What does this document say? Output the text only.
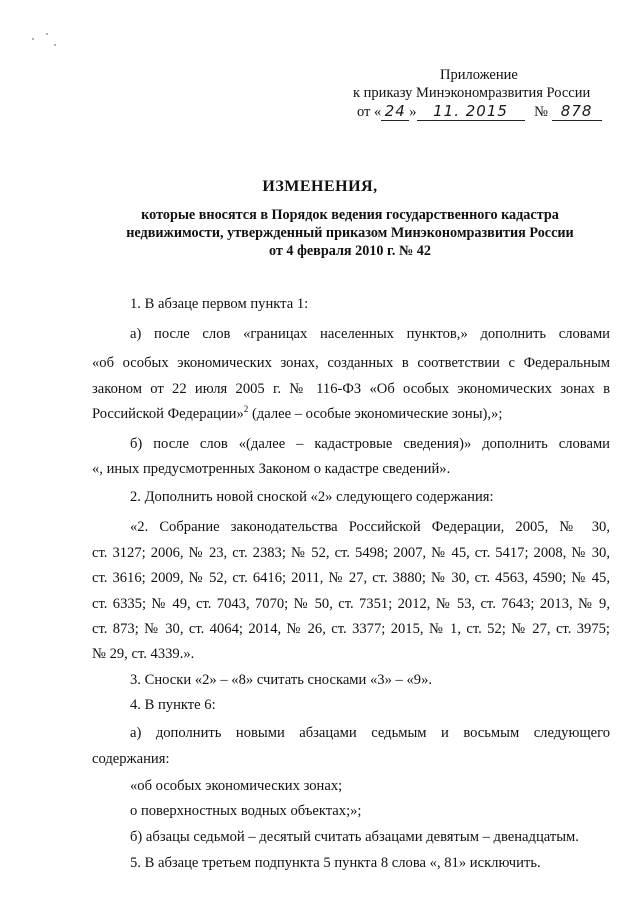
Приложение
к приказу Минэкономразвития России
от « 24 » 11. 2015 № 878
ИЗМЕНЕНИЯ,
которые вносятся в Порядок ведения государственного кадастра
недвижимости, утвержденный приказом Минэкономразвития России
от 4 февраля 2010 г. № 42
1. В абзаце первом пункта 1:
а) после слов «границах населенных пунктов,» дополнить словами
«об особых экономических зонах, созданных в соответствии с Федеральным
законом от 22 июля 2005 г. № 116-ФЗ «Об особых экономических зонах в
Российской Федерации»$^2$ (далее – особые экономические зоны),»;
б) после слов «(далее – кадастровые сведения)» дополнить словами
«, иных предусмотренных Законом о кадастре сведений».
2. Дополнить новой сноской «2» следующего содержания:
«2. Собрание законодательства Российской Федерации, 2005, № 30,
ст. 3127; 2006, № 23, ст. 2383; № 52, ст. 5498; 2007, № 45, ст. 5417; 2008, № 30,
ст. 3616; 2009, № 52, ст. 6416; 2011, № 27, ст. 3880; № 30, ст. 4563, 4590; № 45,
ст. 6335; № 49, ст. 7043, 7070; № 50, ст. 7351; 2012, № 53, ст. 7643; 2013, № 9,
ст. 873; № 30, ст. 4064; 2014, № 26, ст. 3377; 2015, № 1, ст. 52; № 27, ст. 3975;
№ 29, ст. 4339.».
3. Сноски «2» – «8» считать сносками «3» – «9».
4. В пункте 6:
а) дополнить новыми абзацами седьмым и восьмым следующего
содержания:
«об особых экономических зонах;
о поверхностных водных объектах;»;
б) абзацы седьмой – десятый считать абзацами девятым – двенадцатым.
5. В абзаце третьем подпункта 5 пункта 8 слова «, 81» исключить.
